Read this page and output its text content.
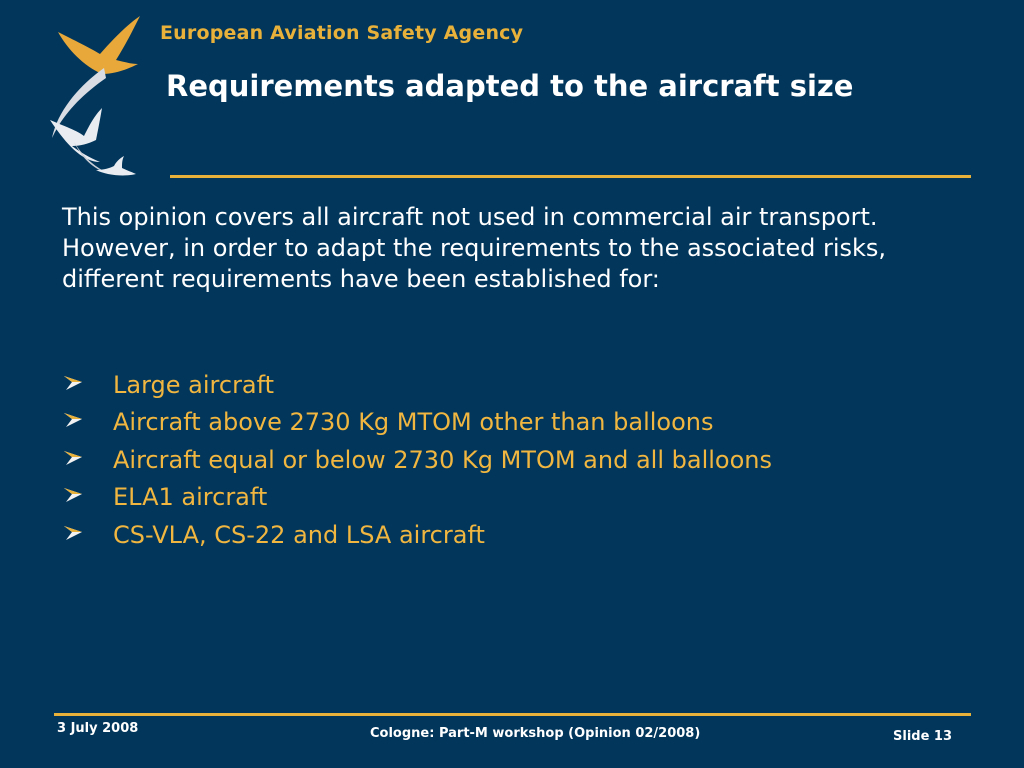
European Aviation Safety Agency
Requirements adapted to the aircraft size
This opinion covers all aircraft not used in commercial air transport. However, in order to adapt the requirements to the associated risks, different requirements have been established for:
Large aircraft
Aircraft above 2730 Kg MTOM other than balloons
Aircraft equal or below 2730 Kg MTOM and all balloons
ELA1 aircraft
CS-VLA, CS-22 and LSA aircraft
3 July 2008	Cologne: Part-M workshop (Opinion 02/2008)	Slide 13
